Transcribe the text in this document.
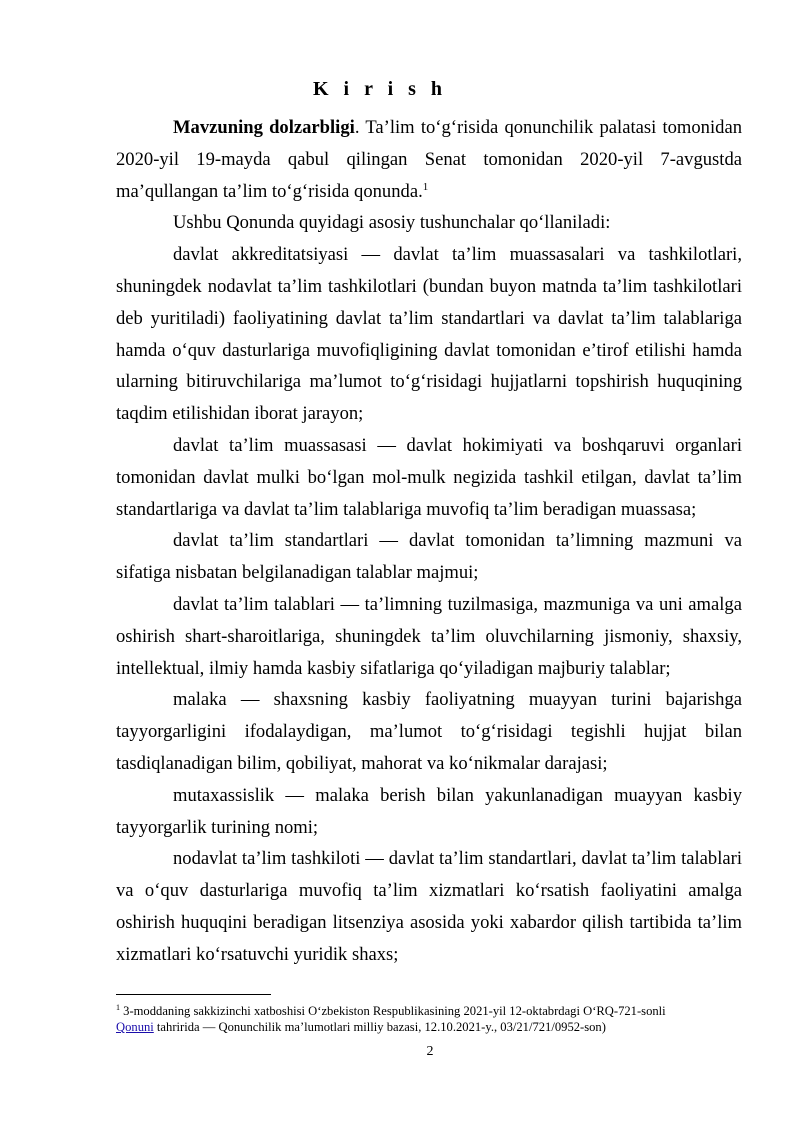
K i r i s h

Mavzuning dolzarbligi. Ta’lim to‘g‘risida qonunchilik palatasi tomonidan 2020-yil 19-mayda qabul qilingan Senat tomonidan 2020-yil 7-avgustda ma’qullangan ta’lim to‘g‘risida qonunda.$^1$

Ushbu Qonunda quyidagi asosiy tushunchalar qo‘llaniladi:

davlat akkreditatsiyasi — davlat ta’lim muassasalari va tashkilotlari, shuningdek nodavlat ta’lim tashkilotlari (bundan buyon matnda ta’lim tashkilotlari deb yuritiladi) faoliyatining davlat ta’lim standartlari va davlat ta’lim talablariga hamda o‘quv dasturlariga muvofiqligining davlat tomonidan e’tirof etilishi hamda ularning bitiruvchilariga ma’lumot to‘g‘risidagi hujjatlarni topshirish huquqining taqdim etilishidan iborat jarayon;

davlat ta’lim muassasasi — davlat hokimiyati va boshqaruvi organlari tomonidan davlat mulki bo‘lgan mol-mulk negizida tashkil etilgan, davlat ta’lim standartlariga va davlat ta’lim talablariga muvofiq ta’lim beradigan muassasa;

davlat ta’lim standartlari — davlat tomonidan ta’limning mazmuni va sifatiga nisbatan belgilanadigan talablar majmui;

davlat ta’lim talablari — ta’limning tuzilmasiga, mazmuniga va uni amalga oshirish shart-sharoitlariga, shuningdek ta’lim oluvchilarning jismoniy, shaxsiy, intellektual, ilmiy hamda kasbiy sifatlariga qo‘yiladigan majburiy talablar;

malaka — shaxsning kasbiy faoliyatning muayyan turini bajarishga tayyorgarligini ifodalaydigan, ma’lumot to‘g‘risidagi tegishli hujjat bilan tasdiqlanadigan bilim, qobiliyat, mahorat va ko‘nikmalar darajasi;

mutaxassislik — malaka berish bilan yakunlanadigan muayyan kasbiy tayyorgarlik turining nomi;

nodavlat ta’lim tashkiloti — davlat ta’lim standartlari, davlat ta’lim talablari va o‘quv dasturlariga muvofiq ta’lim xizmatlari ko‘rsatish faoliyatini amalga oshirish huquqini beradigan litsenziya asosida yoki xabardor qilish tartibida ta’lim xizmatlari ko‘rsatuvchi yuridik shaxs;

$^1$ 3-moddaning sakkizinchi xatboshisi O‘zbekiston Respublikasining 2021-yil 12-oktabrdagi O‘RQ-721-sonli Qonuni tahririda — Qonunchilik ma’lumotlari milliy bazasi, 12.10.2021-y., 03/21/721/0952-son)
2
